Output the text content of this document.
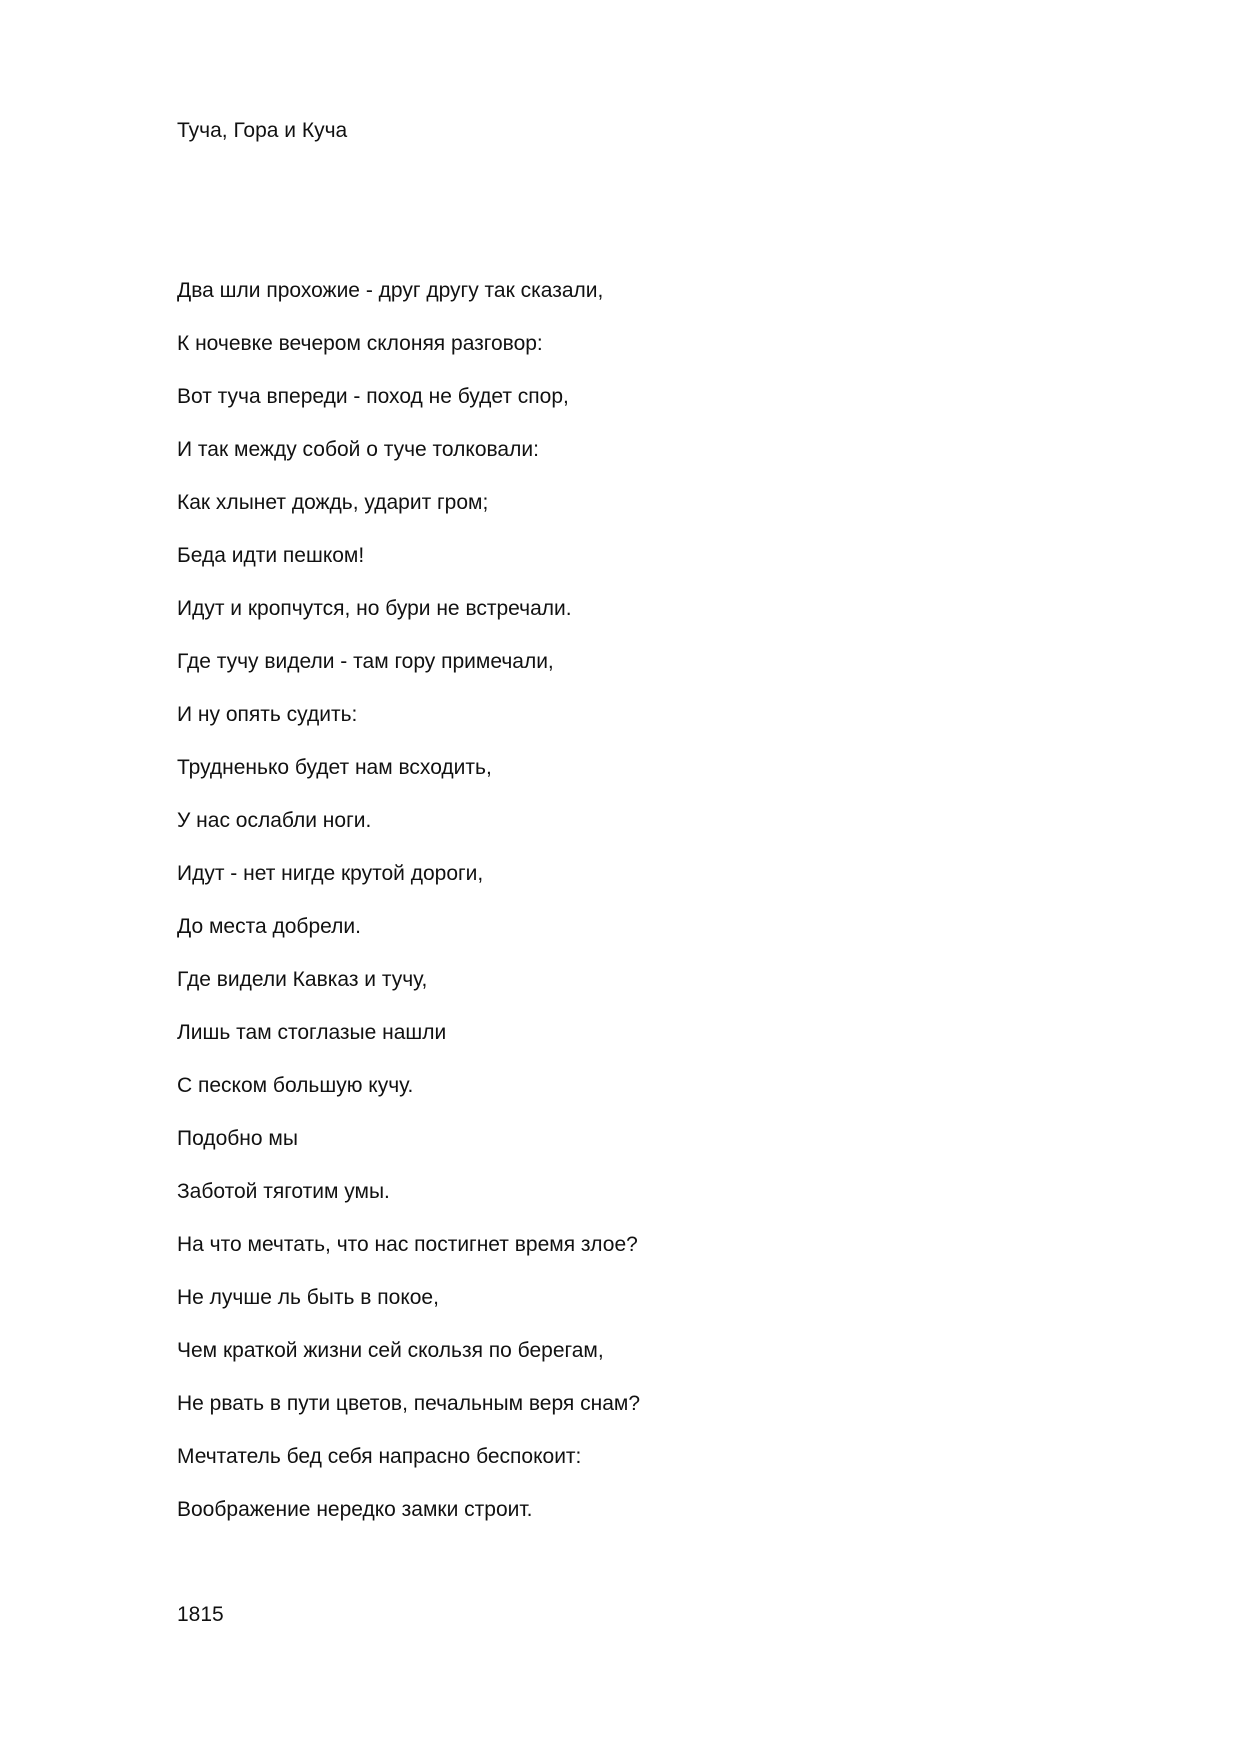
Туча, Гора и Куча
Два шли прохожие - друг другу так сказали,
К ночевке вечером склоняя разговор:
Вот туча впереди - поход не будет спор,
И так между собой о туче толковали:
Как хлынет дождь, ударит гром;
Беда идти пешком!
Идут и кропчутся, но бури не встречали.
Где тучу видели - там гору примечали,
И ну опять судить:
Трудненько будет нам всходить,
У нас ослабли ноги.
Идут - нет нигде крутой дороги,
До места добрели.
Где видели Кавказ и тучу,
Лишь там стоглазые нашли
С песком большую кучу.
Подобно мы
Заботой тяготим умы.
На что мечтать, что нас постигнет время злое?
Не лучше ль быть в покое,
Чем краткой жизни сей скользя по берегам,
Не рвать в пути цветов, печальным веря снам?
Мечтатель бед себя напрасно беспокоит:
Воображение нередко замки строит.
1815
